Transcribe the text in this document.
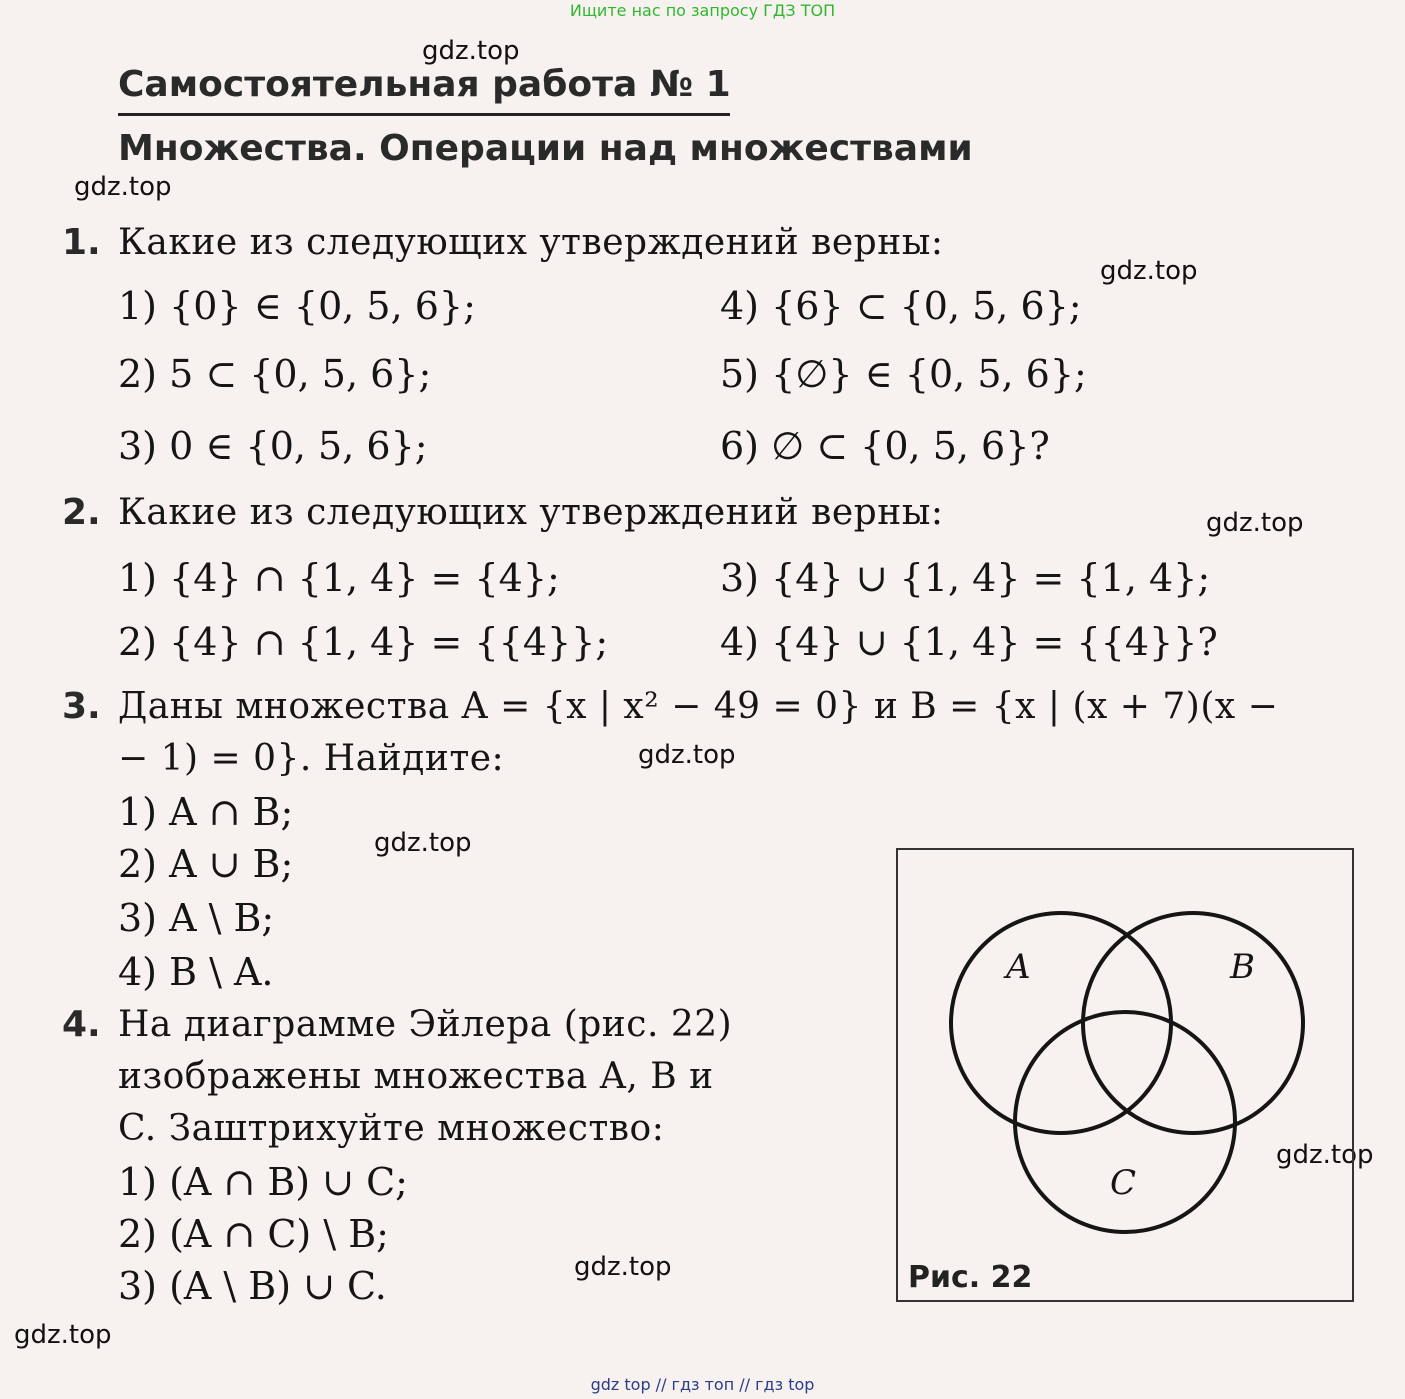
Ищите нас по запросу ГДЗ ТОП
gdz.top
gdz.top
gdz.top
gdz.top
gdz.top
gdz.top
gdz.top
gdz.top
gdz.top
Самостоятельная работа № 1
Множества. Операции над множествами
1. Какие из следующих утверждений верны:
1) {0} ∈ {0, 5, 6};
2) 5 ⊂ {0, 5, 6};
3) 0 ∈ {0, 5, 6};
4) {6} ⊂ {0, 5, 6};
5) {∅} ∈ {0, 5, 6};
6) ∅ ⊂ {0, 5, 6}?
2. Какие из следующих утверждений верны:
1) {4} ∩ {1, 4} = {4};
2) {4} ∩ {1, 4} = {{4}};
3) {4} ∪ {1, 4} = {1, 4};
4) {4} ∪ {1, 4} = {{4}}?
3. Даны множества A = {x | x² − 49 = 0} и B = {x | (x + 7)(x −
− 1) = 0}. Найдите:
1) A ∩ B;
2) A ∪ B;
3) A \ B;
4) B \ A.
4. На диаграмме Эйлера (рис. 22)
изображены множества A, B и
C. Заштрихуйте множество:
1) (A ∩ B) ∪ C;
2) (A ∩ C) \ B;
3) (A \ B) ∪ C.
A	B
C
Рис. 22
gdz top // гдз топ // гдз top
